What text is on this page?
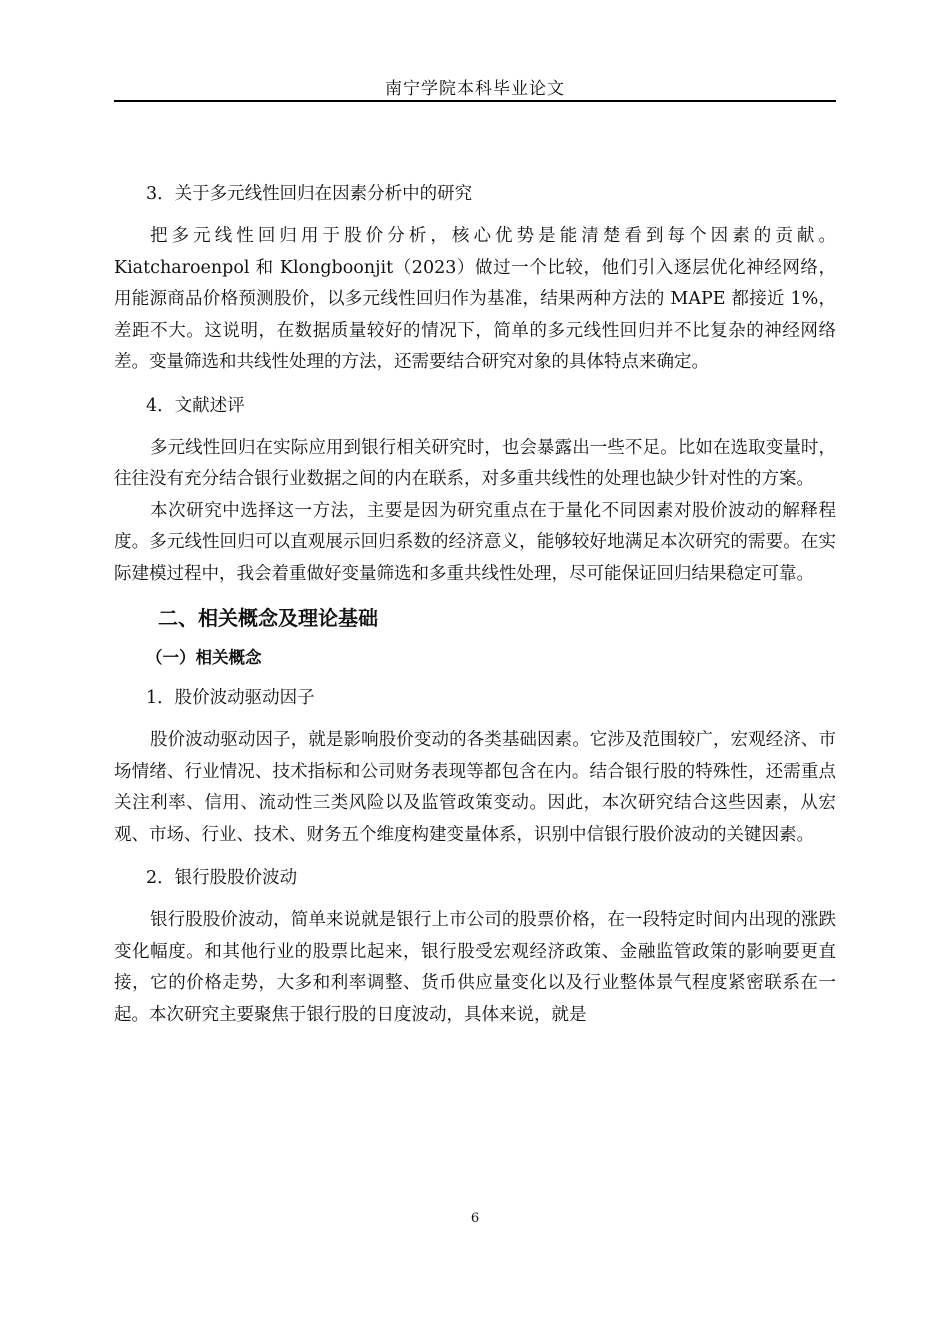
南宁学院本科毕业论文
3．关于多元线性回归在因素分析中的研究

把多元线性回归用于股价分析，核心优势是能清楚看到每个因素的贡献。Kiatcharoenpol 和 Klongboonjit（2023）做过一个比较，他们引入逐层优化神经网络，用能源商品价格预测股价，以多元线性回归作为基准，结果两种方法的 MAPE 都接近 1%，差距不大。这说明，在数据质量较好的情况下，简单的多元线性回归并不比复杂的神经网络差。变量筛选和共线性处理的方法，还需要结合研究对象的具体特点来确定。

4．文献述评

多元线性回归在实际应用到银行相关研究时，也会暴露出一些不足。比如在选取变量时，往往没有充分结合银行业数据之间的内在联系，对多重共线性的处理也缺少针对性的方案。

本次研究中选择这一方法，主要是因为研究重点在于量化不同因素对股价波动的解释程度。多元线性回归可以直观展示回归系数的经济意义，能够较好地满足本次研究的需要。在实际建模过程中，我会着重做好变量筛选和多重共线性处理，尽可能保证回归结果稳定可靠。

二、相关概念及理论基础
（一）相关概念
1．股价波动驱动因子

股价波动驱动因子，就是影响股价变动的各类基础因素。它涉及范围较广，宏观经济、市场情绪、行业情况、技术指标和公司财务表现等都包含在内。结合银行股的特殊性，还需重点关注利率、信用、流动性三类风险以及监管政策变动。因此，本次研究结合这些因素，从宏观、市场、行业、技术、财务五个维度构建变量体系，识别中信银行股价波动的关键因素。

2．银行股股价波动

银行股股价波动，简单来说就是银行上市公司的股票价格，在一段特定时间内出现的涨跌变化幅度。和其他行业的股票比起来，银行股受宏观经济政策、金融监管政策的影响要更直接，它的价格走势，大多和利率调整、货币供应量变化以及行业整体景气程度紧密联系在一起。本次研究主要聚焦于银行股的日度波动，具体来说，就是

6
